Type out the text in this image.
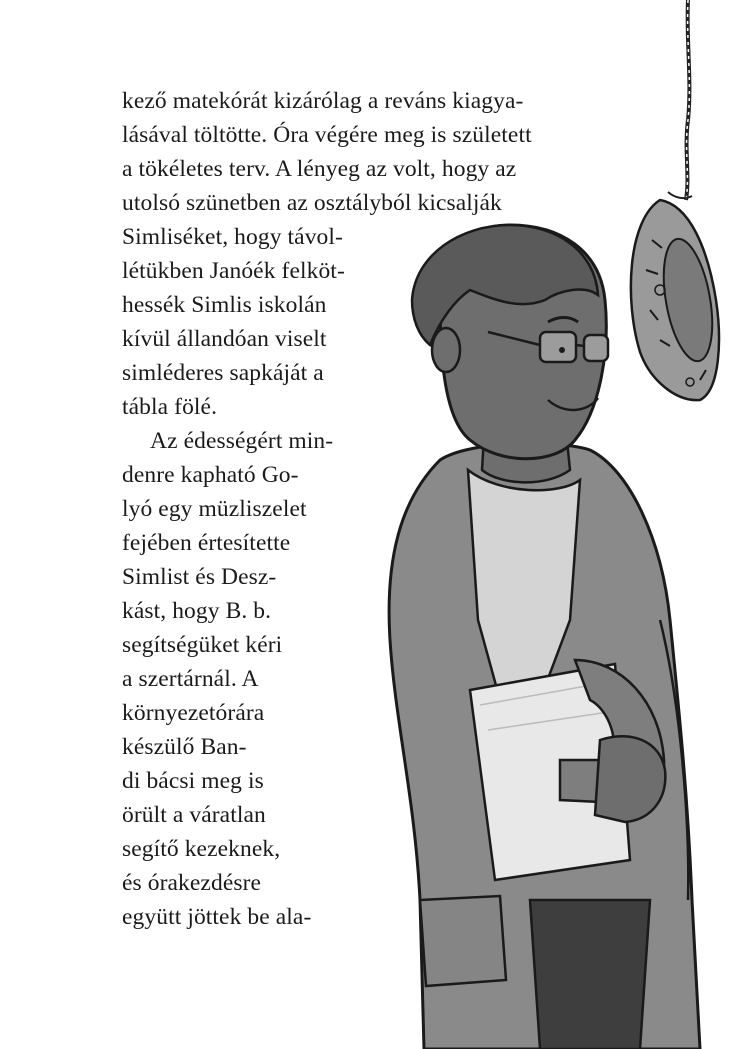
kező matekórát kizárólag a reváns kiagya-
lásával töltötte. Óra végére meg is született
a tökéletes terv. A lényeg az volt, hogy az
utolsó szünetben az osztályból kicsalják
Simliséket, hogy távol-
létükben Janóék felköt-
hessék Simlis iskolán
kívül állandóan viselt
simléderes sapkáját a
tábla fölé.
Az édességért min-
denre kapható Go-
lyó egy müzliszelet
fejében értesítette
Simlist és Desz-
kást, hogy B. b.
segítségüket kéri
a szertárnál. A
környezetórára
készülő Ban-
di bácsi meg is
örült a váratlan
segítő kezeknek,
és órakezdésre
együtt jöttek be ala-
